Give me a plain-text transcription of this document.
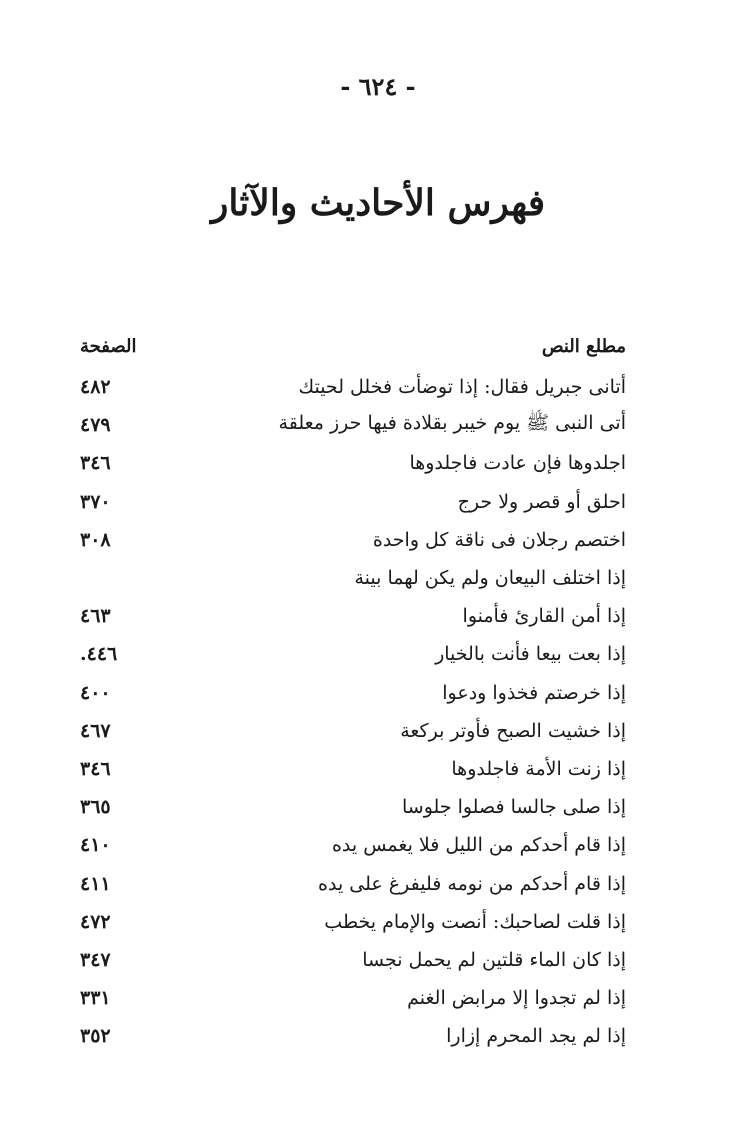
- ٦٢٤ -
فهرس الأحاديث والآثار
مطلع النص
الصفحة
أتانى جبريل فقال: إذا توضأت فخلل لحيتك
٤٨٢
أتى النبى ﷺ يوم خيبر بقلادة فيها حرز معلقة
٤٧٩
اجلدوها فإن عادت فاجلدوها
٣٤٦
احلق أو قصر ولا حرج
٣٧٠
اختصم رجلان فى ناقة كل واحدة
٣٠٨
إذا اختلف البيعان ولم يكن لهما بينة
إذا أمن القارئ فأمنوا
٤٦٣
إذا بعت بيعا فأنت بالخيار
٤٤٦.
إذا خرصتم فخذوا ودعوا
٤٠٠
إذا خشيت الصبح فأوتر بركعة
٤٦٧
إذا زنت الأمة فاجلدوها
٣٤٦
إذا صلى جالسا فصلوا جلوسا
٣٦٥
إذا قام أحدكم من الليل فلا يغمس يده
٤١٠
إذا قام أحدكم من نومه فليفرغ على يده
٤١١
إذا قلت لصاحبك: أنصت والإمام يخطب
٤٧٢
إذا كان الماء قلتين لم يحمل نجسا
٣٤٧
إذا لم تجدوا إلا مرابض الغنم
٣٣١
إذا لم يجد المحرم إزارا
٣٥٢
